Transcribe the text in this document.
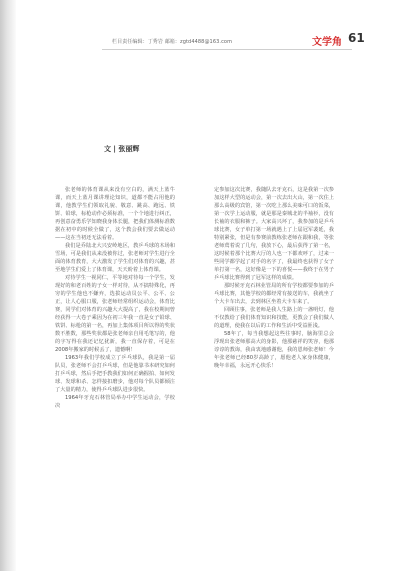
栏目责任编辑：丁秀岩 邮箱：zgtd4488@163.com	文学角 61
文 | 张丽辉

张老师的体育课从来没有空白的，满天上蓝牛课，而天上蓝月课讲理论知识，道都不能占用他的课，他教学生们领取礼貌、敬意、跳高、跑远、铁饼、铅球，标枪动作必须标准，一个个地进行纠正，再创意奋勇乐学知晓我身体长腿，把我们体测标准数据在初中的时候全做了，这个教会我们要去做运动——这在当初还无法看着。

我们是乔陆北大兴安岭地区，教乒乓球的木场和雪场，可是我们从来没被你过，张老师对学生进行全面的体育教育，大大激发了学生们对体育的兴趣，甚至地学生们爱上了体育课，天天盼着上体育课。

对待学生一视同仁，平等地对待每一个学生，发现好的和老百姓的子女一样对待，从不搞特殊化，再穷的学生他也不嫌弃，选拔运动员公平、公平、公正，让人心服口服，张老师经常组织运动会，体育比赛，同学们对体育的兴趣大大提高了，我在校期间曾经获得一大卷子乘因为在初三年我一直是女子铅球、铁饼、标枪的第一名，再加上集体项目所以得的奖状数不胜数，那些奖状都是张老师亲自用毛笔写的，他的字写得在我还记忆犹新，我一直保存着，可是在2008年搬家的时候丢了，遗憾啊！

1963年我们学校成立了乒乓球队，我是第一届队员，张老师不会打乒乓球，但是他靠书本研究如何打乒乓球，然后手把手教我们如何正确握拍、如何发球、发球和杀、怎样接扣磨步，他对每个队员都倾注了大量的精力，使得乒乓球队进步很快。

1964年牙克石林管局举办中学生运动会，学校决

定参加这次比赛，我随队去牙克石，这是我第一次参加这样大型的运动会，第一次去出大山，第一次住上那么高级的宾馆，第一次吃上那么美味可口的饭菜，第一次学上运动服，就是那是秦城北的半袖衫，没有长袖的衣服和裤子。大家高兴坏了，我参加的是乒乓球比赛，女子单打第一场就遇上了上届冠军裴延，我特别紧张，但是有参赛前教练张老师在跟和我，等张老师蔫着说了几句，我放下心，最后获得了第一名，这时候着那个比赛大厅的人也一下都欢呼了，过来一些同学都学起了对手的名字了，我最终也获得了女子单打第一名，这好像是一下的喜悦——我终于在男子乒乓球比赛得到了冠军这样的成绩。

那时候牙克石林业管局的所有学校都要参加的乒乓球比赛，其他学校的都经常有接送的车，我就坐了个大卡车出去，去到林区坐着大卡车来了。

回顾往事，张老师是我人生路上的一盏明灯，他不仅教给了我们体育知识和技能，更教会了我们做人的道理，使我在以后的工作和生活中受益匪浅。

58年了，每当我想起这些往事时，脑海里总会浮现出张老师那高大的身影，他那慈祥的笑容，他那谆谆的教诲，我由衷地感谢他，我的恩师张老师！今年张老师已经80岁高龄了，愿他老人家身体健康，晚年幸福，永远开心快乐！
